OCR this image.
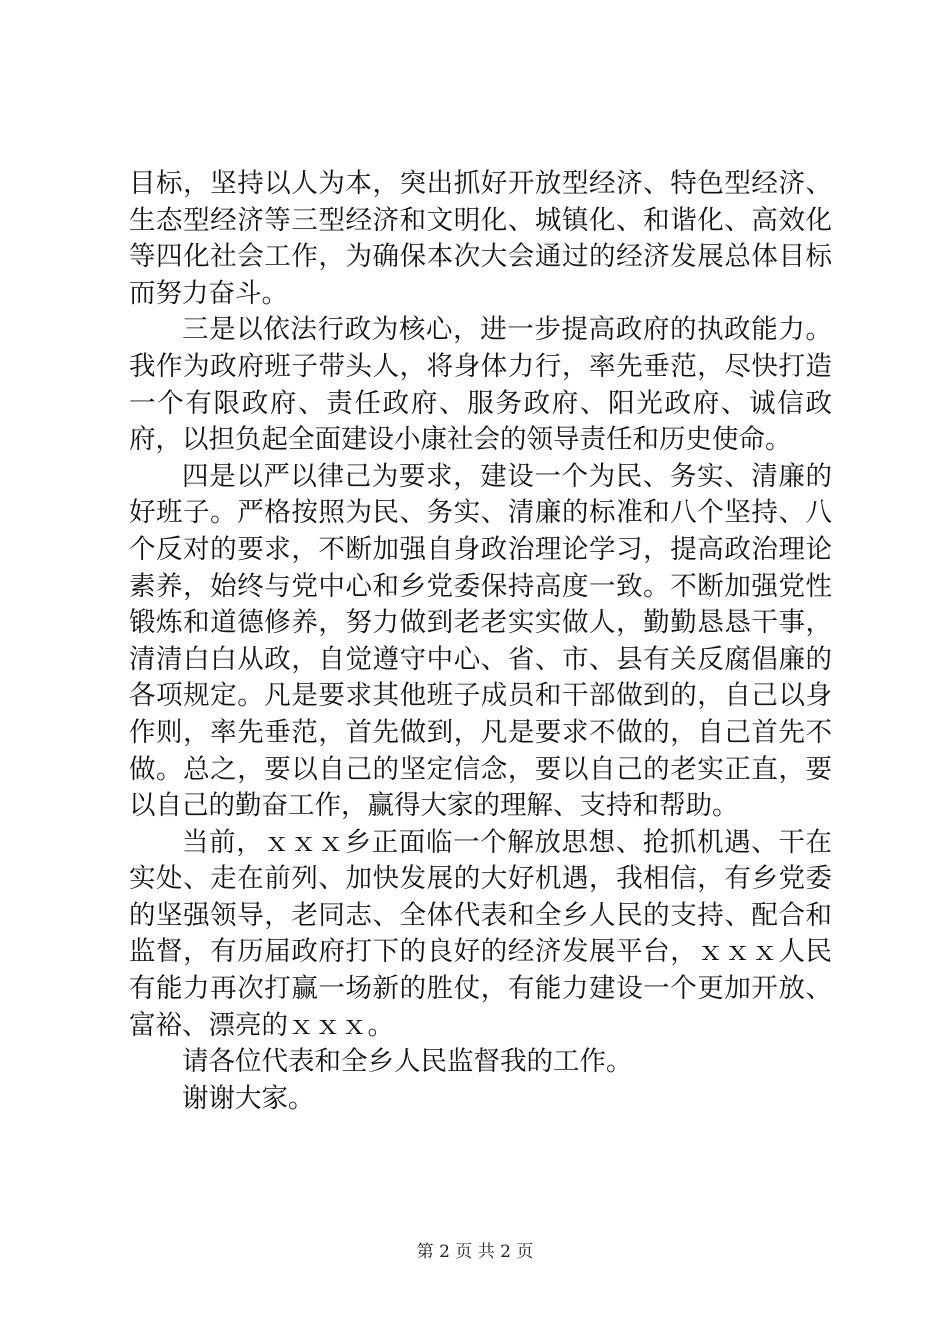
目标，坚持以人为本，突出抓好开放型经济、特色型经济、生态型经济等三型经济和文明化、城镇化、和谐化、高效化等四化社会工作，为确保本次大会通过的经济发展总体目标而努力奋斗。

三是以依法行政为核心，进一步提高政府的执政能力。我作为政府班子带头人，将身体力行，率先垂范，尽快打造一个有限政府、责任政府、服务政府、阳光政府、诚信政府，以担负起全面建设小康社会的领导责任和历史使命。

四是以严以律己为要求，建设一个为民、务实、清廉的好班子。严格按照为民、务实、清廉的标准和八个坚持、八个反对的要求，不断加强自身政治理论学习，提高政治理论素养，始终与党中心和乡党委保持高度一致。不断加强党性锻炼和道德修养，努力做到老老实实做人，勤勤恳恳干事，清清白白从政，自觉遵守中心、省、市、县有关反腐倡廉的各项规定。凡是要求其他班子成员和干部做到的，自己以身作则，率先垂范，首先做到，凡是要求不做的，自己首先不做。总之，要以自己的坚定信念，要以自己的老实正直，要以自己的勤奋工作，赢得大家的理解、支持和帮助。

当前，ｘｘｘ乡正面临一个解放思想、抢抓机遇、干在实处、走在前列、加快发展的大好机遇，我相信，有乡党委的坚强领导，老同志、全体代表和全乡人民的支持、配合和监督，有历届政府打下的良好的经济发展平台，ｘｘｘ人民有能力再次打赢一场新的胜仗，有能力建设一个更加开放、富裕、漂亮的ｘｘｘ。

请各位代表和全乡人民监督我的工作。

谢谢大家。

第 2 页 共 2 页
